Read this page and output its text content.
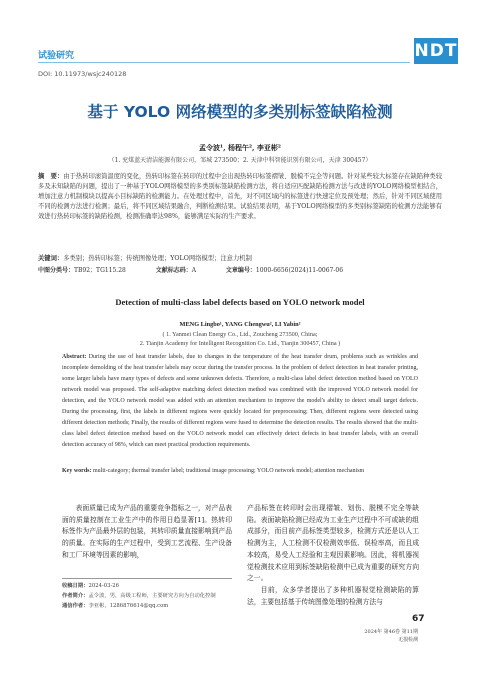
试验研究	NDT
DOI: 10.11973/wsjc240128
基于 YOLO 网络模型的多类别标签缺陷检测
孟令波¹, 杨程午², 李亚彬²
（1. 兖煤蓝天清洁能源有限公司，邹城 273500；2. 天津中科智能识别有限公司，天津 300457）
摘　要：由于热转印滚筒温度的变化，热转印标签在转印的过程中会出现热转印标签褶皱、脱模不完全等问题。针对某些较大标签存在缺陷种类较多及未知缺陷的问题，提出了一种基于YOLO网络模型的多类别标签缺陷检测方法，将自适应匹配缺陷检测方法与改进的YOLO网络模型相结合，增加注意力机制模块以提高小目标缺陷的检测能力。在处理过程中，首先，对不同区域内的标签进行快速定位及预处理；然后，针对不同区域使用不同的检测方法进行检测；最后，将不同区域结果融合，判断检测结果。试验结果表明，基于YOLO网络模型的多类别标签缺陷的检测方法能够有效进行热转印标签的缺陷检测，检测准确率达98%，能够满足实际的生产要求。
关键词：多类别；热转印标签；传统图像处理；YOLO网络模型；注意力机制
中图分类号：TB92；TG115.28	文献标志码：A	文章编号：1000-6656(2024)11-0067-06
Detection of multi-class label defects based on YOLO network model
MENG Lingbo¹, YANG Chengwu², LI Yabin²
( 1. Yanmei Clean Energy Co., Ltd., Zoucheng 273500, China;
2. Tianjin Academy for Intelligent Recognition Co. Ltd., Tianjin 300457, China )
Abstract: During the use of heat transfer labels, due to changes in the temperature of the heat transfer drum, problems such as wrinkles and incomplete demolding of the heat transfer labels may occur during the transfer process. In the problem of defect detection in heat transfer printing, some larger labels have many types of defects and some unknown defects. Therefore, a multi-class label defect detection method based on YOLO network model was proposed. The self-adaptive matching defect detection method was combined with the improved YOLO network model for detection, and the YOLO network model was added with an attention mechanism to improve the model's ability to detect small target defects. During the processing, first, the labels in different regions were quickly located for preprocessing; Then, different regions were detected using different detection methods; Finally, the results of different regions were fused to determine the detection results. The results showed that the multi-class label defect detection method based on the YOLO network model can effectively detect defects in heat transfer labels, with an overall detection accuracy of 98%, which can meet practical production requirements.
Key words: multi-category; thermal transfer label; traditional image processing; YOLO network model; attention mechanism

表面质量已成为产品的重要竞争指标之一，对产品表面的质量控制在工业生产中的作用日趋显著[1]。热转印标签作为产品最外层的包装，其转印质量直接影响到产品的质量。在实际的生产过程中，受到工艺流程、生产设备和工厂环境等因素的影响，

产品标签在转印时会出现褶皱、划伤、脱模不完全等缺陷。表面缺陷检测已经成为工业生产过程中不可或缺的组成部分，而目前产品标签类型较多，检测方式还是以人工检测为主，人工检测不仅检测效率低、误检率高，而且成本较高，易受人工经验和主观因素影响。因此，将机器视觉检测技术应用到标签缺陷检测中已成为重要的研究方向之一。

目前，众多学者提出了多种机器视觉检测缺陷的算法，主要包括基于传统图像处理的检测方法与

收稿日期：2024-03-26
作者简介：孟令波，男，高级工程师，主要研究方向为自动化控制
通信作者：李亚彬，1286876614@qq.com
67
2024年 第46卷 第11期
无损检测
